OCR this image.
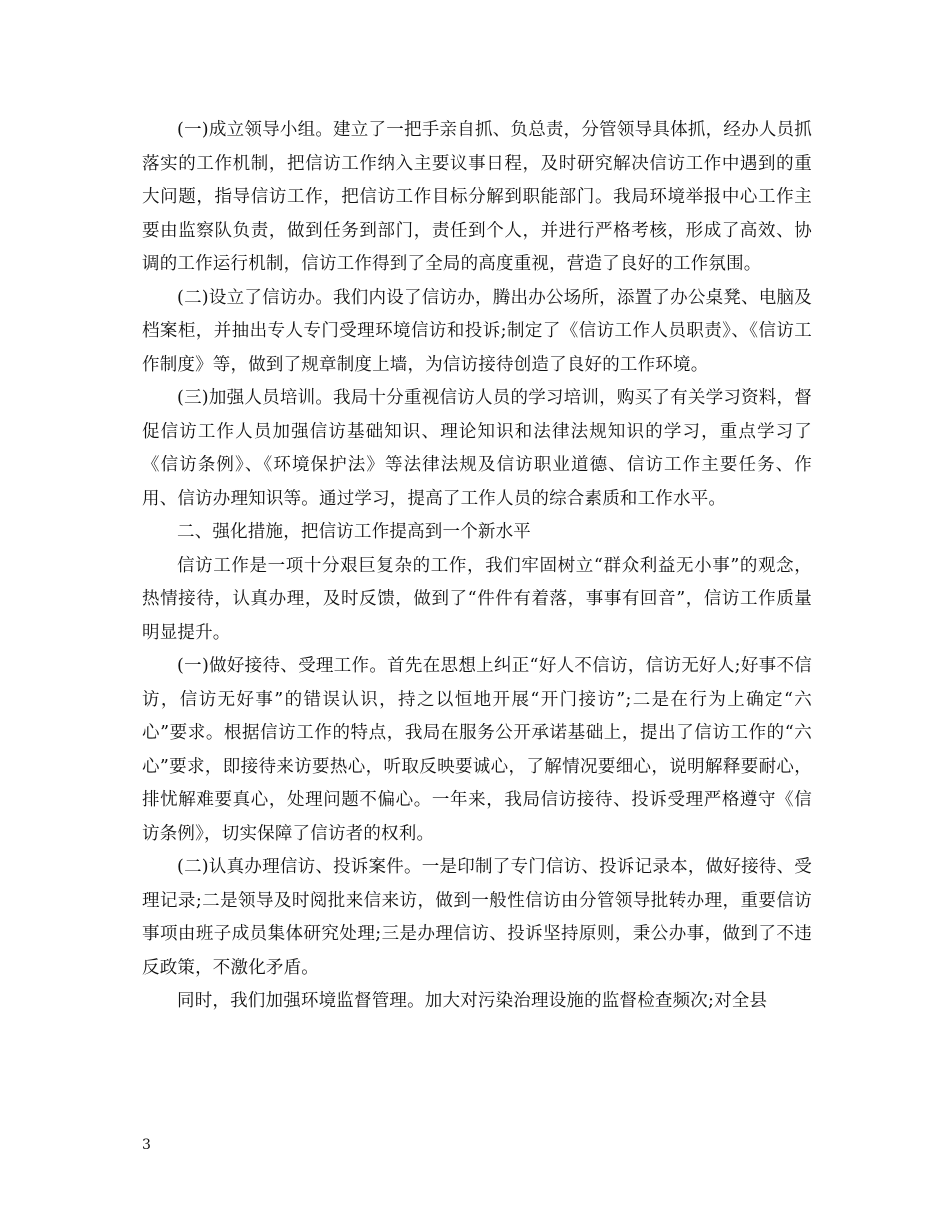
(一)成立领导小组。建立了一把手亲自抓、负总责，分管领导具体抓，经办人员抓落实的工作机制，把信访工作纳入主要议事日程，及时研究解决信访工作中遇到的重大问题，指导信访工作，把信访工作目标分解到职能部门。我局环境举报中心工作主要由监察队负责，做到任务到部门，责任到个人，并进行严格考核，形成了高效、协调的工作运行机制，信访工作得到了全局的高度重视，营造了良好的工作氛围。

(二)设立了信访办。我们内设了信访办，腾出办公场所，添置了办公桌凳、电脑及档案柜，并抽出专人专门受理环境信访和投诉;制定了《信访工作人员职责》、《信访工作制度》等，做到了规章制度上墙，为信访接待创造了良好的工作环境。

(三)加强人员培训。我局十分重视信访人员的学习培训，购买了有关学习资料，督促信访工作人员加强信访基础知识、理论知识和法律法规知识的学习，重点学习了《信访条例》、《环境保护法》等法律法规及信访职业道德、信访工作主要任务、作用、信访办理知识等。通过学习，提高了工作人员的综合素质和工作水平。

二、强化措施，把信访工作提高到一个新水平

信访工作是一项十分艰巨复杂的工作，我们牢固树立“群众利益无小事”的观念，热情接待，认真办理，及时反馈，做到了“件件有着落，事事有回音”，信访工作质量明显提升。

(一)做好接待、受理工作。首先在思想上纠正“好人不信访，信访无好人;好事不信访，信访无好事”的错误认识，持之以恒地开展“开门接访”;二是在行为上确定“六心”要求。根据信访工作的特点，我局在服务公开承诺基础上，提出了信访工作的“六心”要求，即接待来访要热心，听取反映要诚心，了解情况要细心，说明解释要耐心，排忧解难要真心，处理问题不偏心。一年来，我局信访接待、投诉受理严格遵守《信访条例》，切实保障了信访者的权利。

(二)认真办理信访、投诉案件。一是印制了专门信访、投诉记录本，做好接待、受理记录;二是领导及时阅批来信来访，做到一般性信访由分管领导批转办理，重要信访事项由班子成员集体研究处理;三是办理信访、投诉坚持原则，秉公办事，做到了不违反政策，不激化矛盾。

同时，我们加强环境监督管理。加大对污染治理设施的监督检查频次;对全县

3
